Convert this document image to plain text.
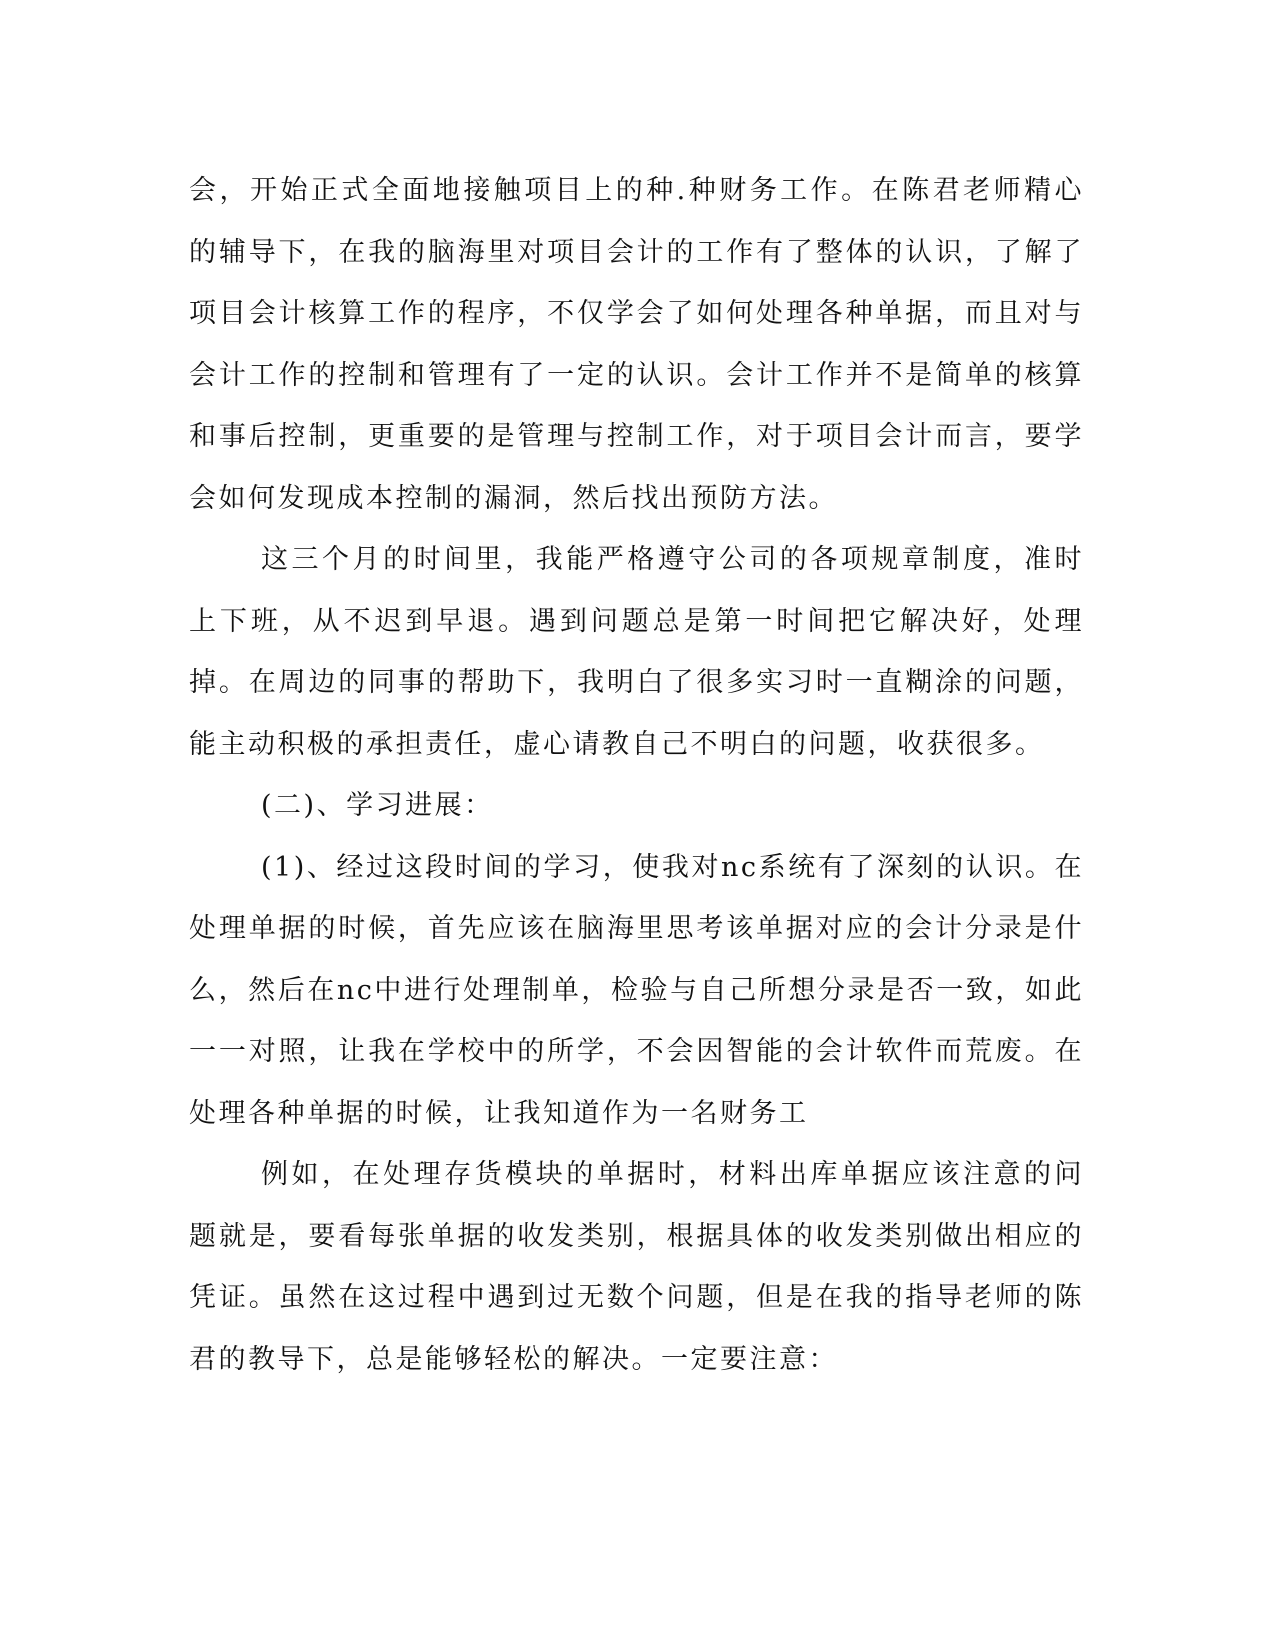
会，开始正式全面地接触项目上的种.种财务工作。在陈君老师精心的辅导下，在我的脑海里对项目会计的工作有了整体的认识，了解了项目会计核算工作的程序，不仅学会了如何处理各种单据，而且对与会计工作的控制和管理有了一定的认识。会计工作并不是简单的核算和事后控制，更重要的是管理与控制工作，对于项目会计而言，要学会如何发现成本控制的漏洞，然后找出预防方法。

这三个月的时间里，我能严格遵守公司的各项规章制度，准时上下班，从不迟到早退。遇到问题总是第一时间把它解决好，处理掉。在周边的同事的帮助下，我明白了很多实习时一直糊涂的问题，能主动积极的承担责任，虚心请教自己不明白的问题，收获很多。

(二)、学习进展：

(1)、经过这段时间的学习，使我对nc系统有了深刻的认识。在处理单据的时候，首先应该在脑海里思考该单据对应的会计分录是什么，然后在nc中进行处理制单，检验与自己所想分录是否一致，如此一一对照，让我在学校中的所学，不会因智能的会计软件而荒废。在处理各种单据的时候，让我知道作为一名财务工

例如，在处理存货模块的单据时，材料出库单据应该注意的问题就是，要看每张单据的收发类别，根据具体的收发类别做出相应的凭证。虽然在这过程中遇到过无数个问题，但是在我的指导老师的陈君的教导下，总是能够轻松的解决。一定要注意：
